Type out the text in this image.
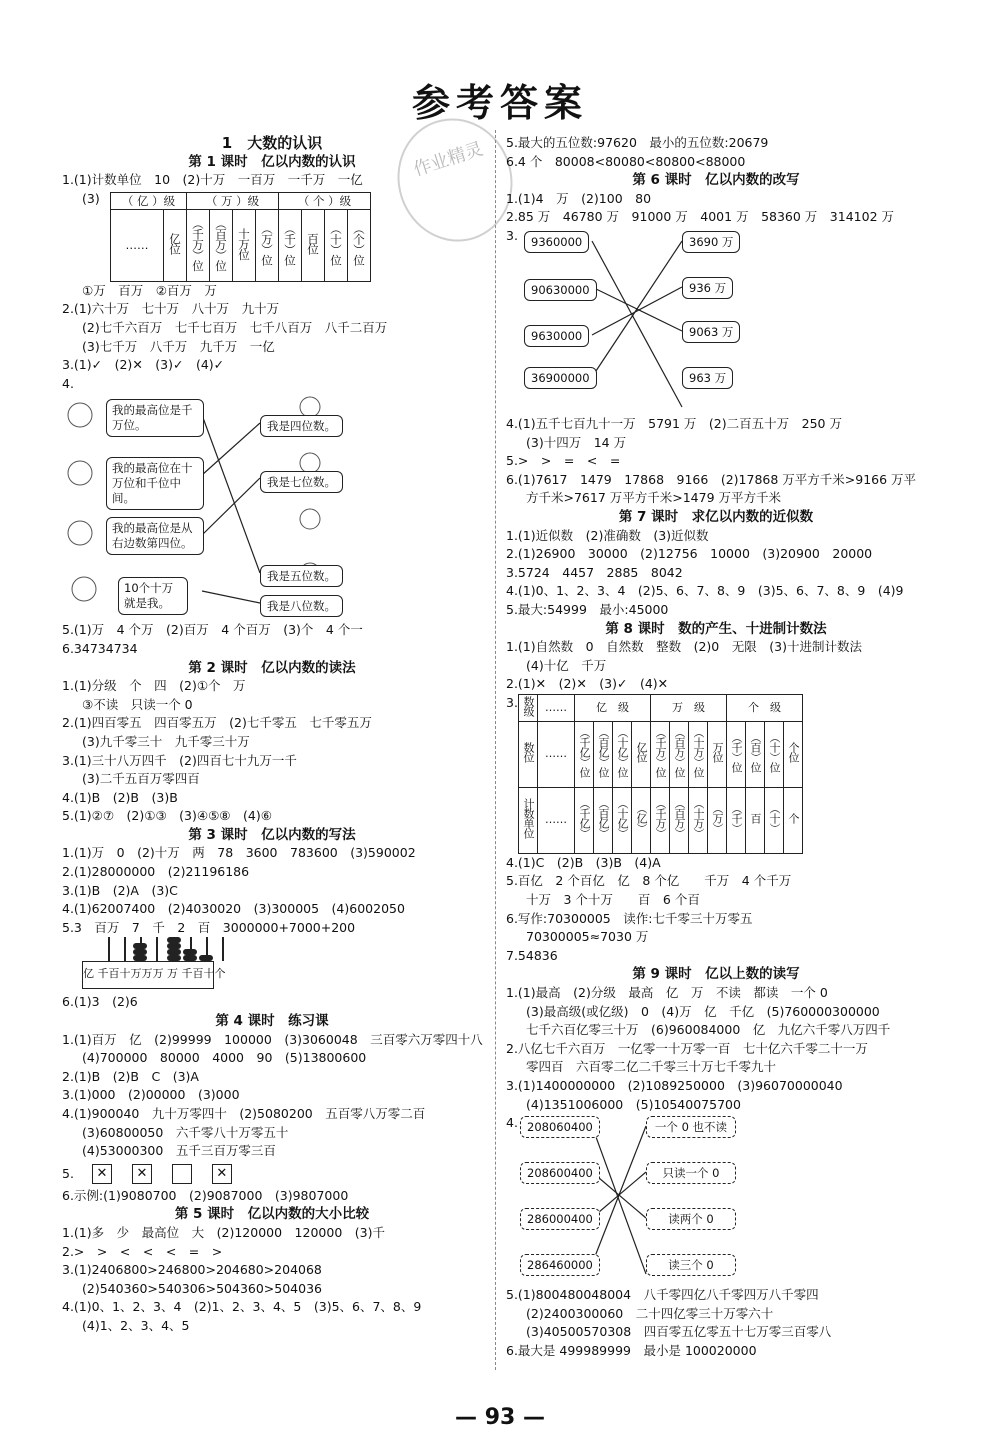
参考答案

作业精灵
1　大数的认识
第 1 课时　亿以内数的认识
1.(1)计数单位　10　(2)十万　一百万　一千万　一亿
(3)	（ 亿 ）级		（ 万 ）级				（ 个 ）级			
……	亿位	（千万）位	（百万）位	十万位	（万）位	（千）位	百位	（十）位	（个）位
①万　百万　②百万　万
2.(1)六十万　七十万　八十万　九十万
(2)七千六百万　七千七百万　七千八百万　八千二百万
(3)七千万　八千万　九千万　一亿
3.(1)✓　(2)✕　(3)✓　(4)✓
4.
我的最高位是千万位。
我的最高位在十万位和千位中间。
我的最高位是从右边数第四位。
10个十万就是我。
我是四位数。
我是七位数。
我是五位数。
我是八位数。
5.(1)万　4 个万　(2)百万　4 个百万　(3)个　4 个一
6.34734734
第 2 课时　亿以内数的读法
1.(1)分级　个　四　(2)①个　万
③不读　只读一个 0
2.(1)四百零五　四百零五万　(2)七千零五　七千零五万
(3)九千零三十　九千零三十万
3.(1)三十八万四千　(2)四百七十九万一千
(3)二千五百万零四百
4.(1)B　(2)B　(3)B
5.(1)②⑦　(2)①③　(3)④⑤⑧　(4)⑥
第 3 课时　亿以内数的写法
1.(1)万　0　(2)十万　两　78　3600　783600　(3)590002
2.(1)28000000　(2)21196186
3.(1)B　(2)A　(3)C
4.(1)62007400　(2)4030020　(3)300005　(4)6002050
5.3　百万　7　千　2　百　3000000+7000+200
亿 千百十万万万 万 千百十个
6.(1)3　(2)6
第 4 课时　练习课
1.(1)百万　亿　(2)99999　100000　(3)3060048　三百零六万零四十八
(4)700000　80000　4000　90　(5)13800600
2.(1)B　(2)B　C　(3)A
3.(1)000　(2)00000　(3)000
4.(1)900040　九十万零四十　(2)5080200　五百零八万零二百
(3)60800050　六千零八十万零五十
(4)53000300　五千三百万零三百
5. ✕ ✕	✕
6.示例:(1)9080700　(2)9087000　(3)9807000
第 5 课时　亿以内数的大小比较
1.(1)多　少　最高位　大　(2)120000　120000　(3)千
2.>　>　<　<　<　=　>
3.(1)2406800>246800>204680>204068
(2)540360>540306>504360>504036
4.(1)0、1、2、3、4　(2)1、2、3、4、5　(3)5、6、7、8、9
(4)1、2、3、4、5
5.最大的五位数:97620　最小的五位数:20679
6.4 个　80008<80080<80800<88000
第 6 课时　亿以内数的改写
1.(1)4　万　(2)100　80
2.85 万　46780 万　91000 万　4001 万　58360 万　314102 万
3.	9360000
90630000
9630000
36900000
3690 万
936 万
9063 万
963 万
4.(1)五千七百九十一万　5791 万　(2)二百五十万　250 万
(3)十四万　14 万
5.>　>　=　<　=
6.(1)7617　1479　17868　9166　(2)17868 万平方千米>9166 万平
方千米>7617 万平方千米>1479 万平方千米
第 7 课时　求亿以内数的近似数
1.(1)近似数　(2)准确数　(3)近似数
2.(1)26900　30000　(2)12756　10000　(3)20900　20000
3.5724　4457　2885　8042
4.(1)0、1、2、3、4　(2)5、6、7、8、9　(3)5、6、7、8、9　(4)9
5.最大:54999　最小:45000
第 8 课时　数的产生、十进制计数法
1.(1)自然数　0　自然数　整数　(2)0　无限　(3)十进制计数法
(4)十亿　千万
2.(1)✕　(2)✕　(3)✓　(4)✕
3. 数级	……	亿　级				万　级				个　级			
数位	……	（千亿）位	（百亿）位	（十亿）位	亿位	（千万）位	（百万）位	（十万）位	万位	（千）位	（百）位	（十）位	个位
计数单位	……	（千亿）	（百亿）	（十亿）	（亿）	（千万）	（百万）	（十万）	（万）	（千）	百	（十）	个
4.(1)C　(2)B　(3)B　(4)A
5.百亿　2 个百亿　亿　8 个亿　　千万　4 个千万
十万　3 个十万　　百　6 个百
6.写作:70300005　读作:七千零三十万零五
70300005≈7030 万
7.54836
第 9 课时　亿以上数的读写
1.(1)最高　(2)分级　最高　亿　万　不读　都读　一个 0
(3)最高级(或亿级)　0　(4)万　亿　千亿　(5)760000300000
七千六百亿零三十万　(6)960084000　亿　九亿六千零八万四千
2.八亿七千六百万　一亿零一十万零一百　七十亿六千零二十一万
零四百　六百零二亿二千零三十万七千零九十
3.(1)1400000000　(2)1089250000　(3)96070000040
(4)1351006000　(5)10540075700
4. 208060400
208600400
286000400
286460000
一个 0 也不读
只读一个 0
读两个 0
读三个 0
5.(1)800480048004　八千零四亿八千零四万八千零四
(2)2400300060　二十四亿零三十万零六十
(3)40500570308　四百零五亿零五十七万零三百零八
6.最大是 499989999　最小是 100020000
— 93 —
